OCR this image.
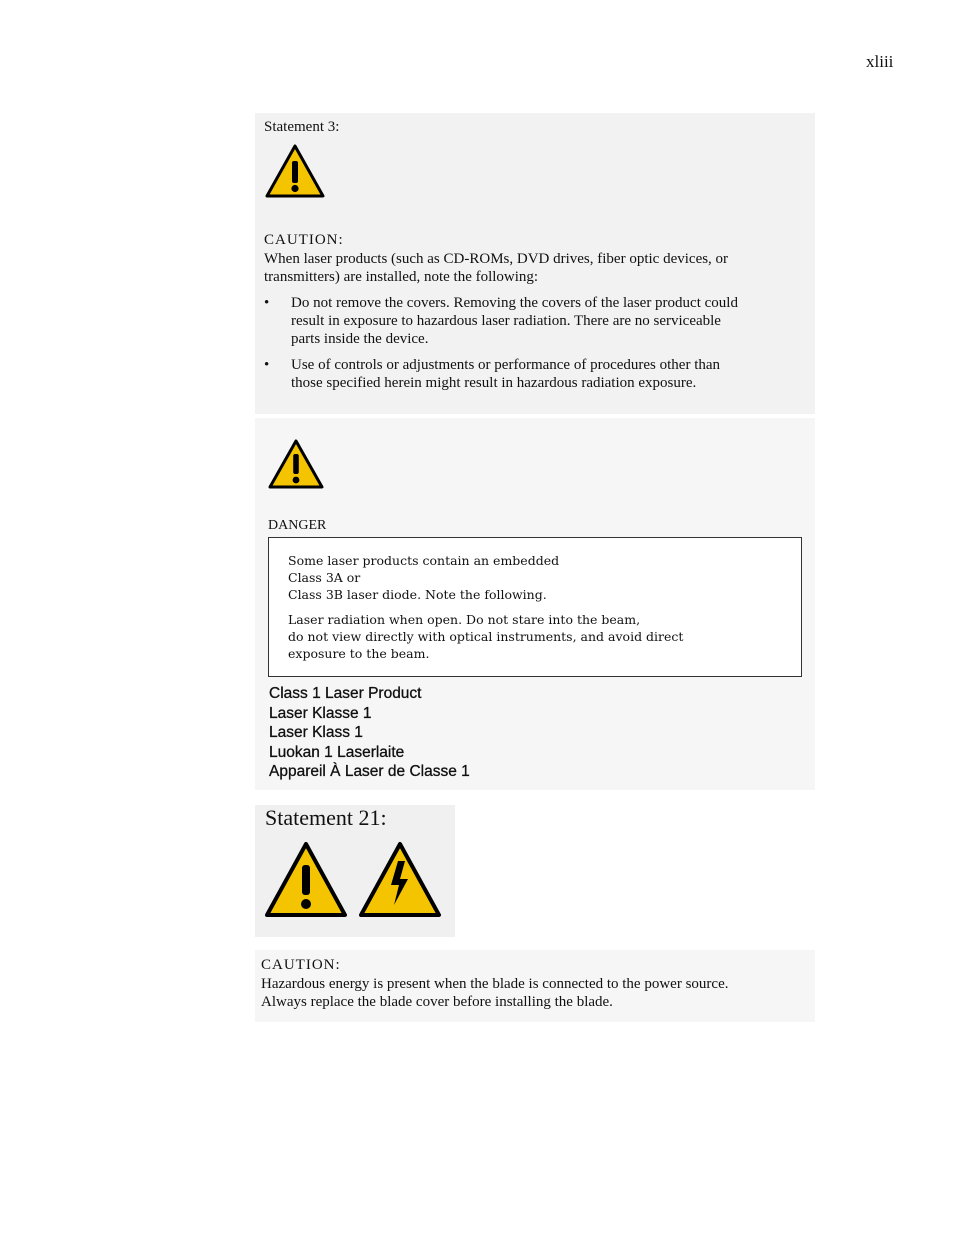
xliii
Statement 3:
CAUTION:
When laser products (such as CD-ROMs, DVD drives, fiber optic devices, or
transmitters) are installed, note the following:
• Do not remove the covers. Removing the covers of the laser product could
result in exposure to hazardous laser radiation. There are no serviceable
parts inside the device.
• Use of controls or adjustments or performance of procedures other than
those specified herein might result in hazardous radiation exposure.
DANGER
Some laser products contain an embedded
Class 3A or
Class 3B laser diode. Note the following.
Laser radiation when open. Do not stare into the beam,
do not view directly with optical instruments, and avoid direct
exposure to the beam.
Class 1 Laser Product
Laser Klasse 1
Laser Klass 1
Luokan 1 Laserlaite
Appareil À Laser de Classe 1
Statement 21:
CAUTION:
Hazardous energy is present when the blade is connected to the power source.
Always replace the blade cover before installing the blade.
